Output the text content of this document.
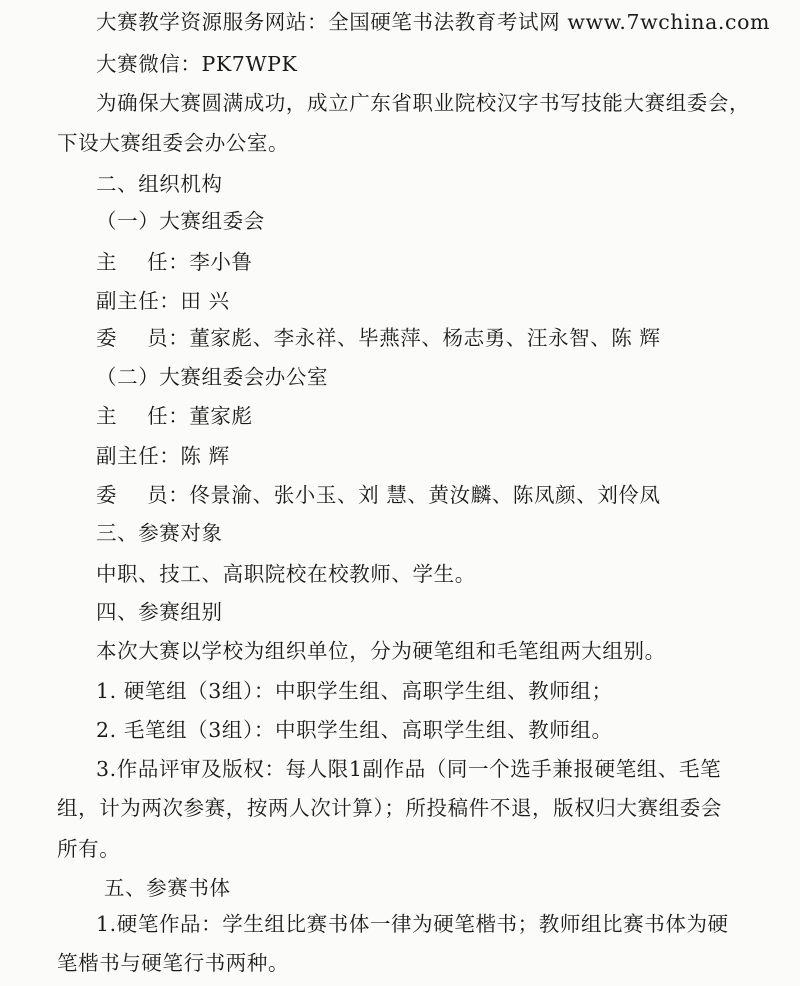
大赛教学资源服务网站：全国硬笔书法教育考试网 www.7wchina.com
大赛微信：PK7WPK
为确保大赛圆满成功，成立广东省职业院校汉字书写技能大赛组委会，
下设大赛组委会办公室。
二、组织机构
（一）大赛组委会
主 任：李小鲁
副主任：田 兴
委 员：董家彪、李永祥、毕燕萍、杨志勇、汪永智、陈 辉
（二）大赛组委会办公室
主 任：董家彪
副主任：陈 辉
委 员：佟景渝、张小玉、刘 慧、黄汝麟、陈凤颜、刘伶凤
三、参赛对象
中职、技工、高职院校在校教师、学生。
四、参赛组别
本次大赛以学校为组织单位，分为硬笔组和毛笔组两大组别。
1. 硬笔组（3组）：中职学生组、高职学生组、教师组；
2. 毛笔组（3组）：中职学生组、高职学生组、教师组。
3.作品评审及版权：每人限1副作品（同一个选手兼报硬笔组、毛笔
组，计为两次参赛，按两人次计算）；所投稿件不退，版权归大赛组委会
所有。
五、参赛书体
1.硬笔作品：学生组比赛书体一律为硬笔楷书；教师组比赛书体为硬
笔楷书与硬笔行书两种。
